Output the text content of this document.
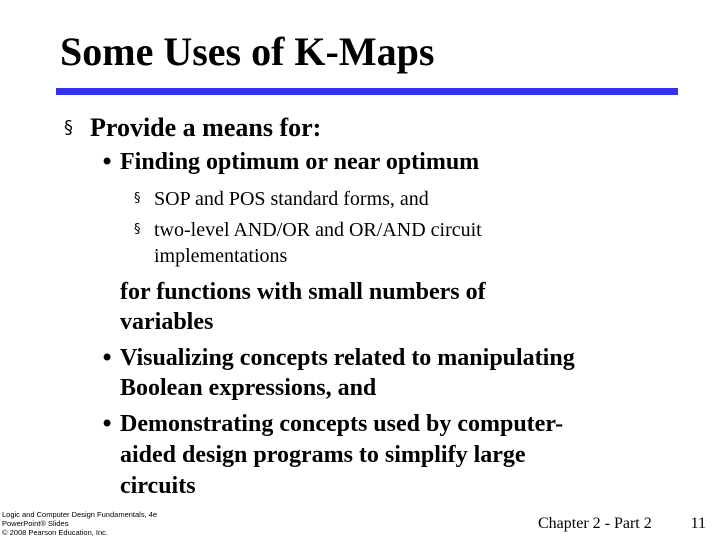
Some Uses of K-Maps
§ Provide a means for:

• Finding optimum or near optimum

§ SOP and POS standard forms, and

§ two-level AND/OR and OR/AND circuit

implementations

for functions with small numbers of

variables

• Visualizing concepts related to manipulating

Boolean expressions, and

• Demonstrating concepts used by computer-

aided design programs to simplify large

circuits

Logic and Computer Design Fundamentals, 4e
PowerPoint® Slides
© 2008 Pearson Education, Inc.
Chapter 2 - Part 2 11
